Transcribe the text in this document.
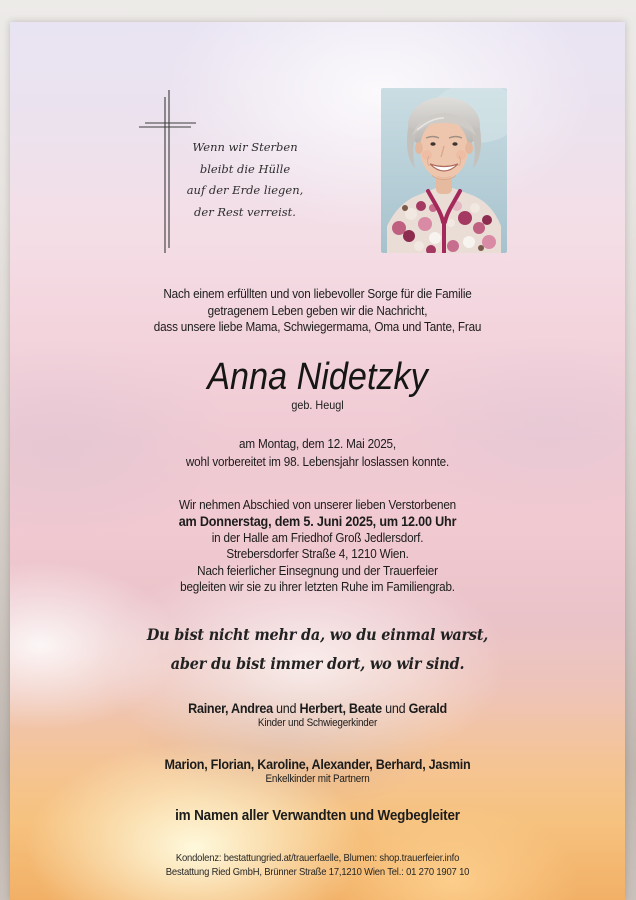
Wenn wir Sterben
bleibt die Hülle
auf der Erde liegen,
der Rest verreist.
Nach einem erfüllten und von liebevoller Sorge für die Familie
getragenem Leben geben wir die Nachricht,
dass unsere liebe Mama, Schwiegermama, Oma und Tante, Frau
Anna Nidetzky
geb. Heugl
am Montag, dem 12. Mai 2025,
wohl vorbereitet im 98. Lebensjahr loslassen konnte.
Wir nehmen Abschied von unserer lieben Verstorbenen
am Donnerstag, dem 5. Juni 2025, um 12.00 Uhr
in der Halle am Friedhof Groß Jedlersdorf.
Strebersdorfer Straße 4, 1210 Wien.
Nach feierlicher Einsegnung und der Trauerfeier
begleiten wir sie zu ihrer letzten Ruhe im Familiengrab.
Du bist nicht mehr da, wo du einmal warst,
aber du bist immer dort, wo wir sind.
Rainer, Andrea und Herbert, Beate und Gerald
Kinder und Schwiegerkinder
Marion, Florian, Karoline, Alexander, Berhard, Jasmin
Enkelkinder mit Partnern
im Namen aller Verwandten und Wegbegleiter
Kondolenz: bestattungried.at/trauerfaelle, Blumen: shop.trauerfeier.info
Bestattung Ried GmbH, Brünner Straße 17,1210 Wien Tel.: 01 270 1907 10
